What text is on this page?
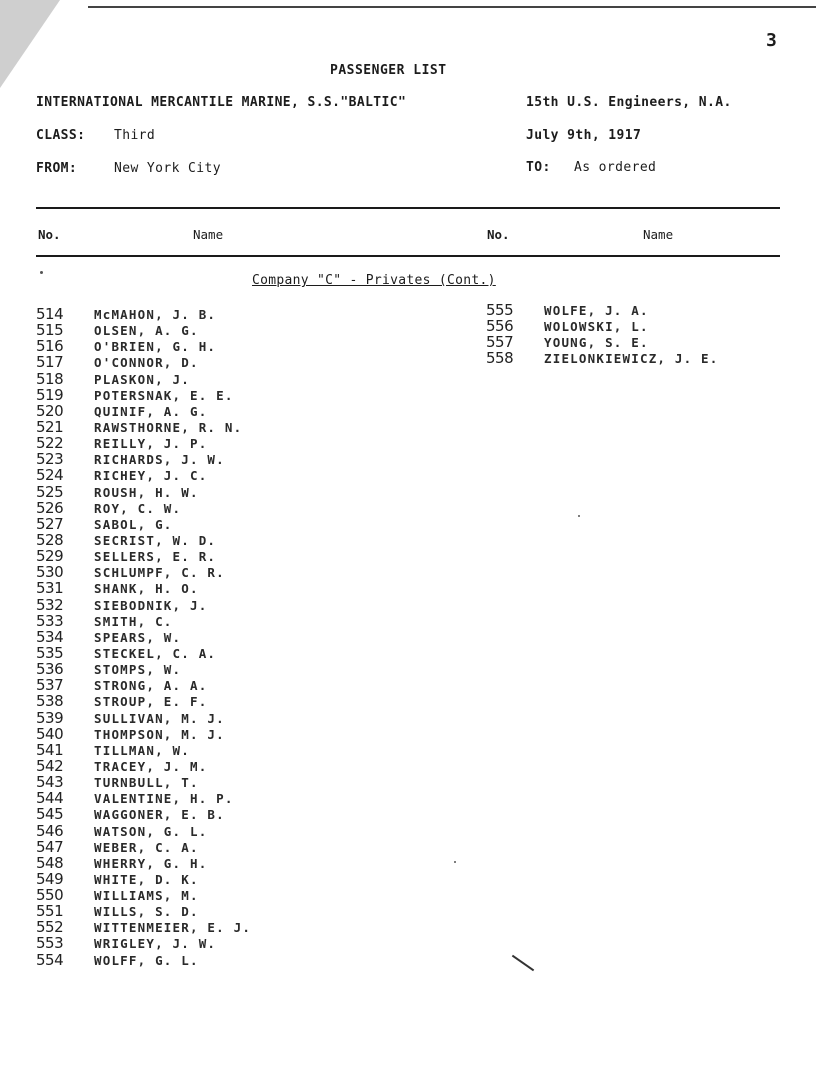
3
PASSENGER LIST
INTERNATIONAL MERCANTILE MARINE, S.S."BALTIC"	15th U.S. Engineers, N.A.
CLASS: Third	July 9th, 1917
FROM:	New York City	TO: As ordered
No.	Name	No.	Name
Company "C" - Privates (Cont.)
514 McMAHON, J. B.
515 OLSEN, A. G.
516 O'BRIEN, G. H.
517 O'CONNOR, D.
518 PLASKON, J.
519 POTERSNAK, E. E.
520 QUINIF, A. G.
521 RAWSTHORNE, R. N.
522 REILLY, J. P.
523 RICHARDS, J. W.
524 RICHEY, J. C.
525 ROUSH, H. W.
526 ROY, C. W.
527 SABOL, G.
528 SECRIST, W. D.
529 SELLERS, E. R.
530 SCHLUMPF, C. R.
531 SHANK, H. O.
532 SIEBODNIK, J.
533 SMITH, C.
534 SPEARS, W.
535 STECKEL, C. A.
536 STOMPS, W.
537 STRONG, A. A.
538 STROUP, E. F.
539 SULLIVAN, M. J.
540 THOMPSON, M. J.
541 TILLMAN, W.
542 TRACEY, J. M.
543 TURNBULL, T.
544 VALENTINE, H. P.
545 WAGGONER, E. B.
546 WATSON, G. L.
547 WEBER, C. A.
548 WHERRY, G. H.
549 WHITE, D. K.
550 WILLIAMS, M.
551 WILLS, S. D.
552 WITTENMEIER, E. J.
553 WRIGLEY, J. W.
554 WOLFF, G. L.
555 WOLFE, J. A.
556 WOLOWSKI, L.
557 YOUNG, S. E.
558 ZIELONKIEWICZ, J. E.
